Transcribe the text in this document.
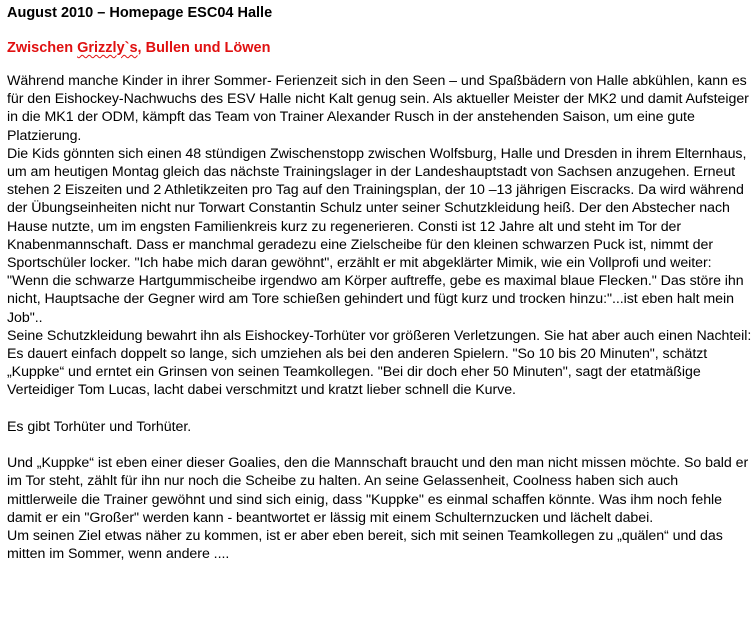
August 2010 – Homepage ESC04 Halle
Zwischen Grizzly`s, Bullen und Löwen

Während manche Kinder in ihrer Sommer- Ferienzeit sich in den Seen – und Spaßbädern von Halle abkühlen, kann es für den Eishockey-Nachwuchs des ESV Halle nicht Kalt genug sein. Als aktueller Meister der MK2 und damit Aufsteiger in die MK1 der ODM, kämpft das Team von Trainer Alexander Rusch in der anstehenden Saison, um eine gute Platzierung.

Die Kids gönnten sich einen 48 stündigen Zwischenstopp zwischen Wolfsburg, Halle und Dresden in ihrem Elternhaus, um am heutigen Montag gleich das nächste Trainingslager in der Landeshauptstadt von Sachsen anzugehen. Erneut stehen 2 Eiszeiten und 2 Athletikzeiten pro Tag auf den Trainingsplan, der 10 –13 jährigen Eiscracks. Da wird während der Übungseinheiten nicht nur Torwart Constantin Schulz unter seiner Schutzkleidung heiß. Der den Abstecher nach Hause nutzte, um im engsten Familienkreis kurz zu regenerieren. Consti ist 12 Jahre alt und steht im Tor der Knabenmannschaft. Dass er manchmal geradezu eine Zielscheibe für den kleinen schwarzen Puck ist, nimmt der Sportschüler locker. "Ich habe mich daran gewöhnt", erzählt er mit abgeklärter Mimik, wie ein Vollprofi und weiter: "Wenn die schwarze Hartgummischeibe irgendwo am Körper auftreffe, gebe es maximal blaue Flecken." Das störe ihn nicht, Hauptsache der Gegner wird am Tore schießen gehindert und fügt kurz und trocken hinzu:"...ist eben halt mein Job"..

Seine Schutzkleidung bewahrt ihn als Eishockey-Torhüter vor größeren Verletzungen. Sie hat aber auch einen Nachteil: Es dauert einfach doppelt so lange, sich umziehen als bei den anderen Spielern. "So 10 bis 20 Minuten", schätzt „Kuppke“ und erntet ein Grinsen von seinen Teamkollegen. "Bei dir doch eher 50 Minuten", sagt der etatmäßige Verteidiger Tom Lucas, lacht dabei verschmitzt und kratzt lieber schnell die Kurve.

Es gibt Torhüter und Torhüter.

Und „Kuppke“ ist eben einer dieser Goalies, den die Mannschaft braucht und den man nicht missen möchte. So bald er im Tor steht, zählt für ihn nur noch die Scheibe zu halten. An seine Gelassenheit, Coolness haben sich auch mittlerweile die Trainer gewöhnt und sind sich einig, dass "Kuppke" es einmal schaffen könnte. Was ihm noch fehle damit er ein "Großer" werden kann - beantwortet er lässig mit einem Schulternzucken und lächelt dabei.

Um seinen Ziel etwas näher zu kommen, ist er aber eben bereit, sich mit seinen Teamkollegen zu „quälen“ und das mitten im Sommer, wenn andere ....
